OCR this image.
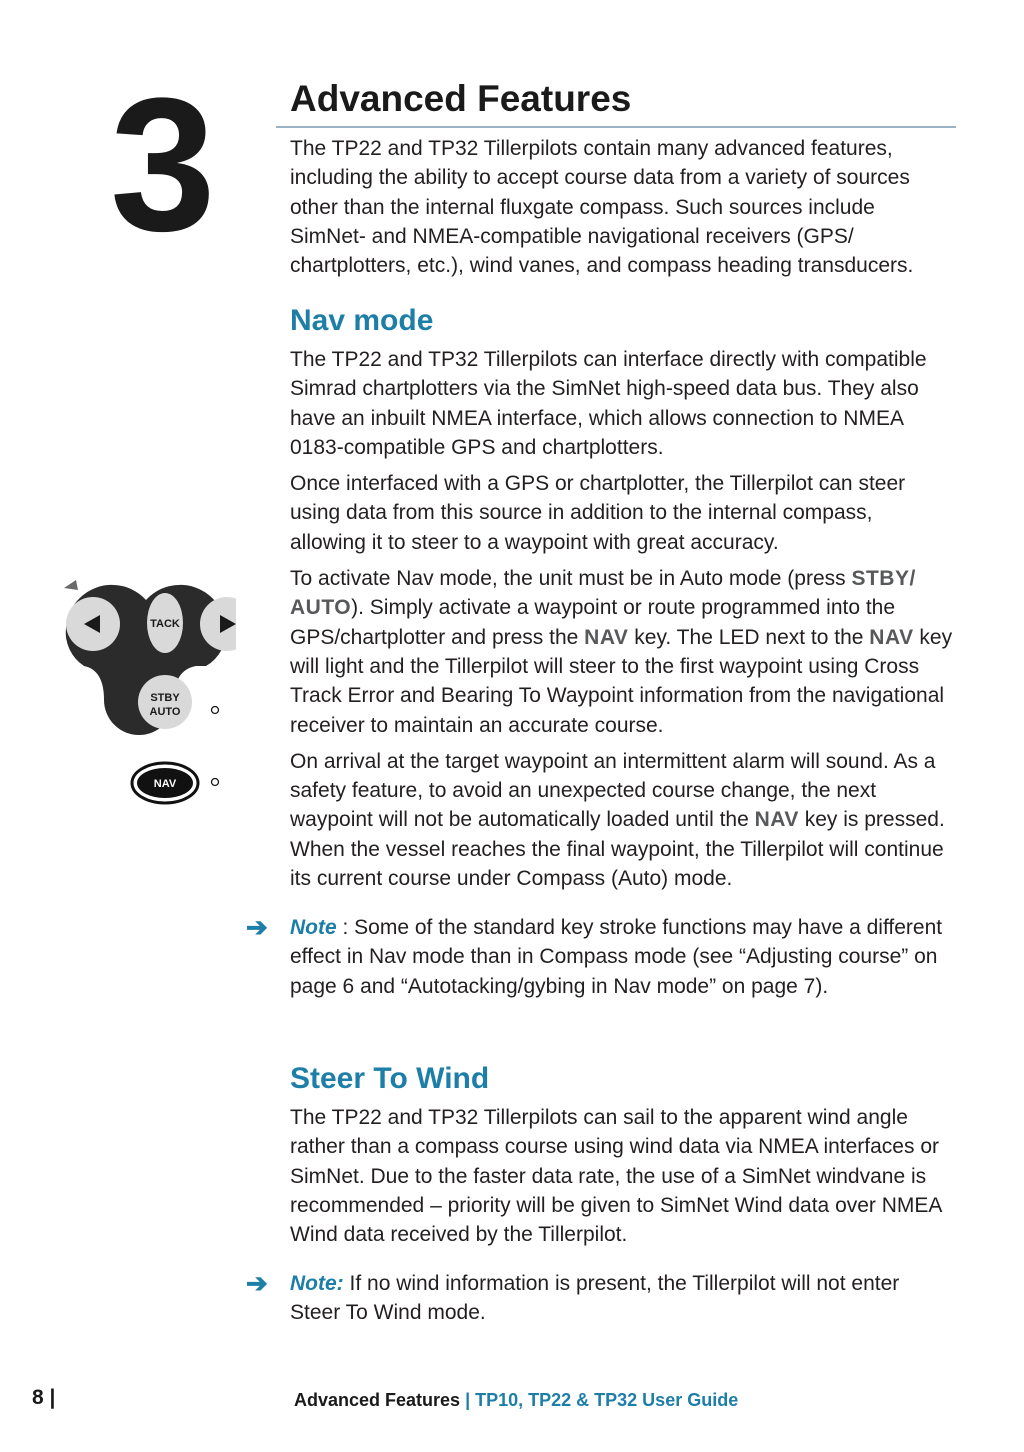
3 Advanced Features

The TP22 and TP32 Tillerpilots contain many advanced features, including the ability to accept course data from a variety of sources other than the internal fluxgate compass. Such sources include SimNet- and NMEA-compatible navigational receivers (GPS/ chartplotters, etc.), wind vanes, and compass heading transducers.

Nav mode

The TP22 and TP32 Tillerpilots can interface directly with compatible Simrad chartplotters via the SimNet high-speed data bus. They also have an inbuilt NMEA interface, which allows connection to NMEA 0183-compatible GPS and chartplotters.

Once interfaced with a GPS or chartplotter, the Tillerpilot can steer using data from this source in addition to the internal compass, allowing it to steer to a waypoint with great accuracy.

To activate Nav mode, the unit must be in Auto mode (press STBY/ AUTO). Simply activate a waypoint or route programmed into the GPS/chartplotter and press the NAV key. The LED next to the NAV key will light and the Tillerpilot will steer to the first waypoint using Cross Track Error and Bearing To Waypoint information from the navigational receiver to maintain an accurate course.

On arrival at the target waypoint an intermittent alarm will sound. As a safety feature, to avoid an unexpected course change, the next waypoint will not be automatically loaded until the NAV key is pressed. When the vessel reaches the final waypoint, the Tillerpilot will continue its current course under Compass (Auto) mode.

➔ Note : Some of the standard key stroke functions may have a different effect in Nav mode than in Compass mode (see “Adjusting course” on page 6 and “Autotacking/gybing in Nav mode” on page 7).

Steer To Wind

The TP22 and TP32 Tillerpilots can sail to the apparent wind angle rather than a compass course using wind data via NMEA interfaces or SimNet. Due to the faster data rate, the use of a SimNet windvane is recommended – priority will be given to SimNet Wind data over NMEA Wind data received by the Tillerpilot.

➔ Note: If no wind information is present, the Tillerpilot will not enter Steer To Wind mode.

TACK
STBY
AUTO
NAV
8 |	Advanced Features | TP10, TP22 & TP32 User Guide
